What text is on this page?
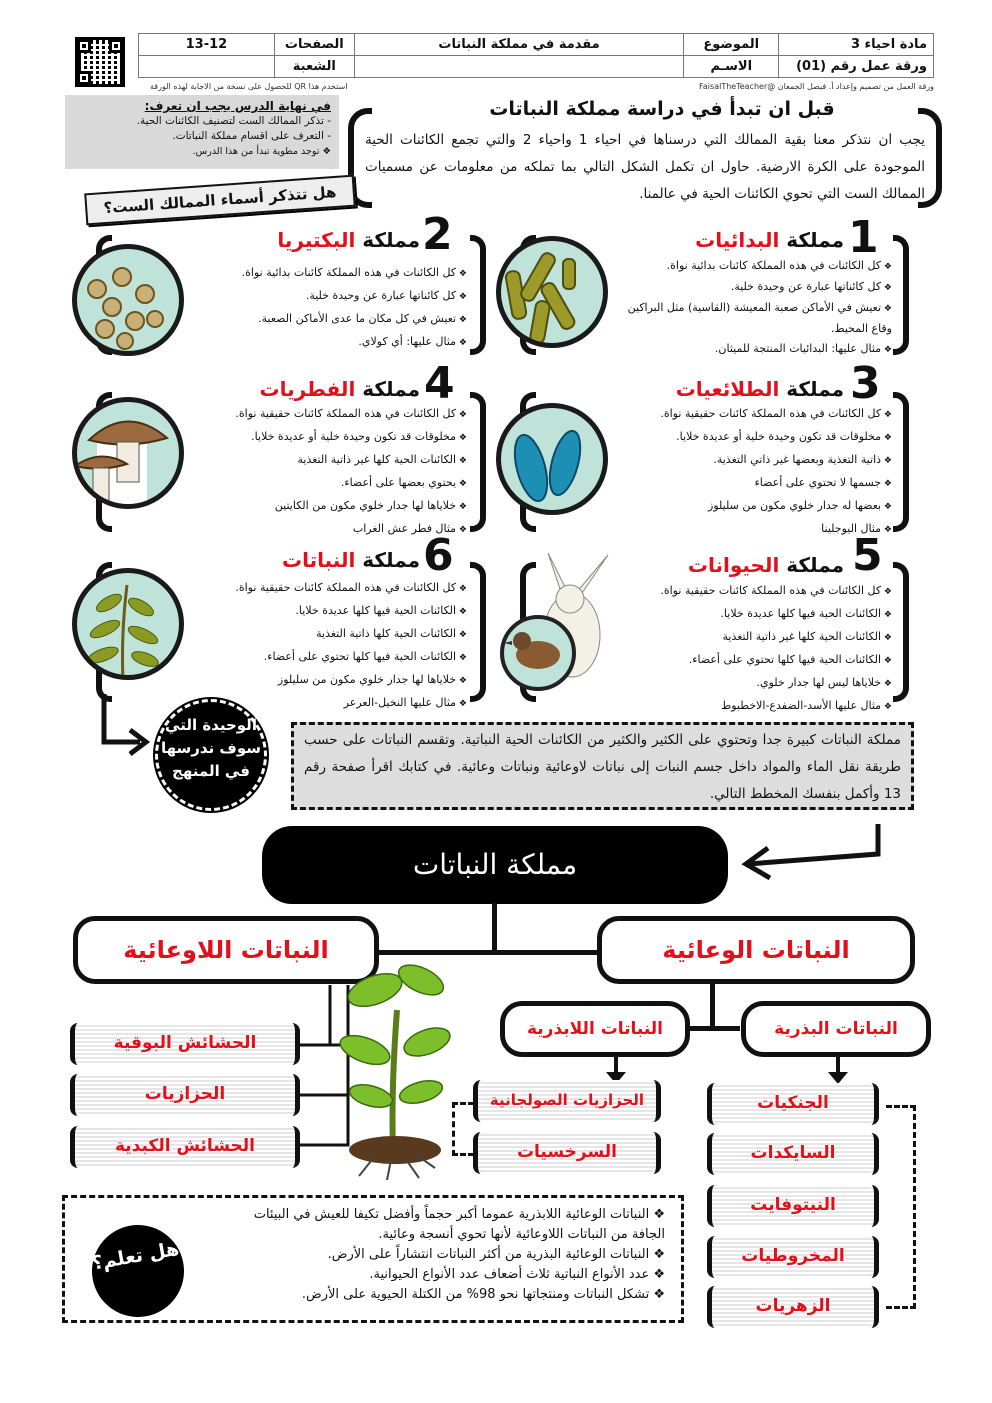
مادة احياء 3	الموضوع	مقدمة في مملكة النباتات	الصفحات	13-12
ورقة عمل رقم (01)	الاسـم		الشعبة	
ورقة العمل من تصميم وإعداد أ. فيصل الجمعان @FaisalTheTeacher
استخدم هذا QR للحصول على نسخة من الاجابة لهذه الورقة
في نهاية الدرس يجب ان تعرف:
- تذكر الممالك الست لتصنيف الكائنات الحية.
- التعرف على اقسام مملكة النباتات.
❖ توجد مطوية تبدأ من هذا الدرس.
قبل ان تبدأ في دراسة مملكة النباتات
يجب ان نتذكر معنا بقية الممالك التي درسناها في احياء 1 واحياء 2 والتي تجمع الكائنات الحية الموجودة على الكرة الارضية. حاول ان تكمل الشكل التالي بما تملكه من معلومات عن مسميات الممالك الست التي تحوي الكائنات الحية في عالمنا.
هل تتذكر أسماء الممالك الست؟
1
مملكة البدائيات
❖ كل الكائنات في هذه المملكة كائنات بدائية نواة.
❖ كل كائناتها عبارة عن وحيدة خلية.
❖ تعيش في الأماكن صعبة المعيشة (القاسية) مثل البراكين وقاع المحيط.
❖ مثال عليها: البدائيات المنتجة للميثان.
2
مملكة البكتيريا
❖ كل الكائنات في هذه المملكة كائنات بدائية نواة.
❖ كل كائناتها عبارة عن وحيدة خلية.
❖ تعيش في كل مكان ما عدى الأماكن الصعبة.
❖ مثال عليها: أي كولاي.
3
مملكة الطلائعيات
❖ كل الكائنات في هذه المملكة كائنات حقيقية نواة.
❖ مخلوقات قد تكون وحيدة خلية أو عديدة خلايا.
❖ ذاتية التغذية وبعضها غير ذاتي التغذية.
❖ جسمها لا تحتوي على أعضاء
❖ بعضها له جدار خلوي مكون من سليلوز
❖ مثال اليوجلينا
4
مملكة الفطريات
❖ كل الكائنات في هذه المملكة كائنات حقيقية نواة.
❖ مخلوقات قد تكون وحيدة خلية أو عديدة خلايا.
❖ الكائنات الحية كلها غير ذاتية التغذية
❖ يحتوي بعضها على أعضاء.
❖ خلاياها لها جدار خلوي مكون من الكايتين
❖ مثال فطر عش الغراب
5
مملكة الحيوانات
❖ كل الكائنات في هذه المملكة كائنات حقيقية نواة.
❖ الكائنات الحية فيها كلها عديدة خلايا.
❖ الكائنات الحية كلها غير ذاتية التغذية
❖ الكائنات الحية فيها كلها تحتوي على أعضاء.
❖ خلاياها ليس لها جدار خلوي.
❖ مثال عليها الأسد-الضفدع-الاخطبوط
6
مملكة النباتات
❖ كل الكائنات في هذه المملكة كائنات حقيقية نواة.
❖ الكائنات الحية فيها كلها عديدة خلايا.
❖ الكائنات الحية كلها ذاتية التغذية
❖ الكائنات الحية فيها كلها تحتوي على أعضاء.
❖ خلاياها لها جدار خلوي مكون من سليلوز
❖ مثال عليها النخيل-العرعر
الوحيدة التي سوف ندرسها في المنهج
مملكة النباتات كبيرة جدا وتحتوي على الكثير والكثير من الكائنات الحية النباتية. وتقسم النباتات على حسب طريقة نقل الماء والمواد داخل جسم النبات إلى نباتات لاوعائية ونباتات وعائية. في كتابك اقرأ صفحة رقم 13 وأكمل بنفسك المخطط التالي.
مملكة النباتات
النباتات الوعائية
النباتات اللاوعائية
النباتات البذرية
النباتات اللابذرية
الجنكيات
السايكدات
النيتوفايت
المخروطيات
الزهريات
الحزازيات الصولجانية
السرخسيات
الحشائش البوقية
الحزازيات
الحشائش الكبدية
هل تعلم؟
❖ النباتات الوعائية اللابذرية عموما أكبر حجماً وأفضل تكيفا للعيش في البيئات الجافة من النباتات اللاوعائية لأنها تحوي أنسجة وعائية.
❖ النباتات الوعائية البذرية من أكثر النباتات انتشاراً على الأرض.
❖ عدد الأنواع النباتية ثلاث أضعاف عدد الأنواع الحيوانية.
❖ تشكل النباتات ومنتجاتها نحو 98% من الكتلة الحيوية على الأرض.
